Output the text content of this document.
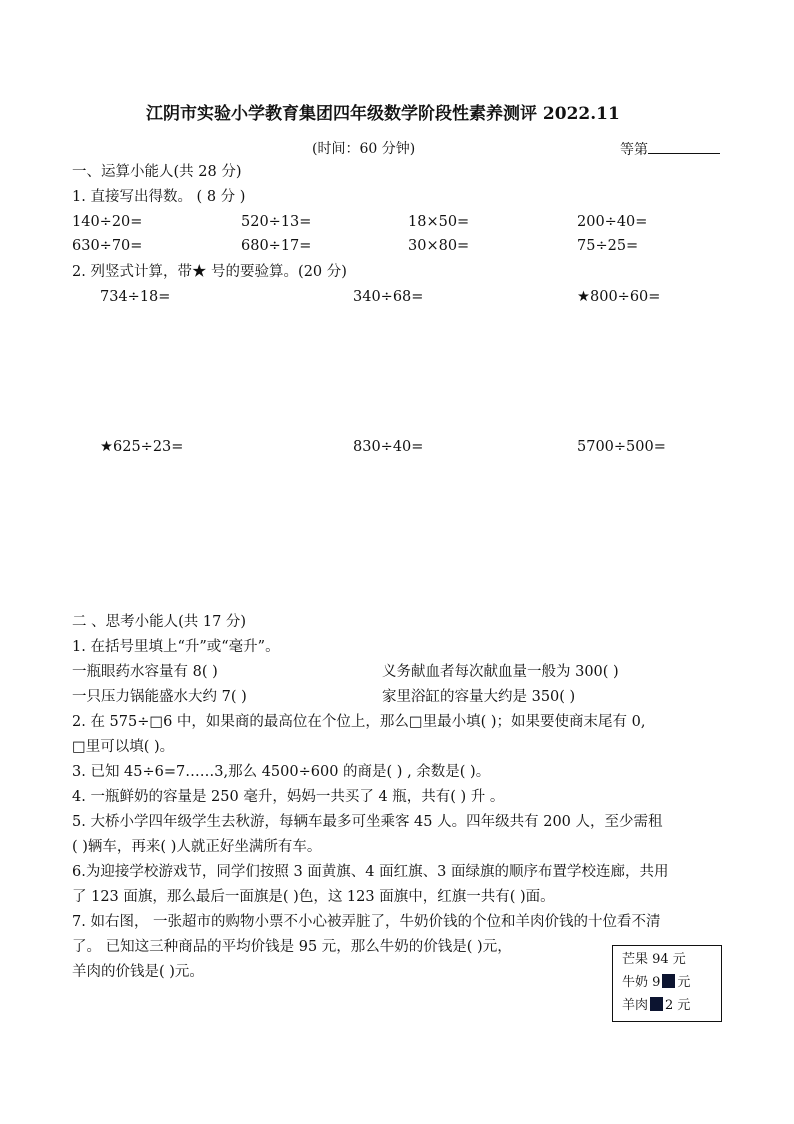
江阴市实验小学教育集团四年级数学阶段性素养测评 2022.11
(时间：60 分钟)	等第
一、运算小能人(共 28 分)
1. 直接写出得数。 ( 8 分 )
140÷20=	520÷13=	18×50=	200÷40=
630÷70=	680÷17=	30×80=	75÷25=
2. 列竖式计算，带★ 号的要验算。(20 分)
734÷18=	340÷68=	★800÷60=
★625÷23=	830÷40=	5700÷500=
二 、思考小能人(共 17 分)
1. 在括号里填上“升”或“毫升”。
一瓶眼药水容量有 8( )	义务献血者每次献血量一般为 300( )
一只压力锅能盛水大约 7( )	家里浴缸的容量大约是 350( )
2. 在 575÷□6 中，如果商的最高位在个位上，那么□里最小填( )；如果要使商末尾有 0,
□里可以填( )。
3. 已知 45÷6=7……3,那么 4500÷600 的商是( ) , 余数是( )。
4. 一瓶鲜奶的容量是 250 毫升，妈妈一共买了 4 瓶，共有( ) 升 。
5. 大桥小学四年级学生去秋游，每辆车最多可坐乘客 45 人。四年级共有 200 人，至少需租
( )辆车，再来( )人就正好坐满所有车。
6.为迎接学校游戏节，同学们按照 3 面黄旗、4 面红旗、3 面绿旗的顺序布置学校连廊，共用
了 123 面旗，那么最后一面旗是( )色，这 123 面旗中，红旗一共有( )面。
7. 如右图， 一张超市的购物小票不小心被弄脏了，牛奶价钱的个位和羊肉价钱的十位看不清
了。 已知这三种商品的平均价钱是 95 元，那么牛奶的价钱是( )元，
羊肉的价钱是( )元。
芒果 94 元
牛奶 9 元
羊肉 2 元
